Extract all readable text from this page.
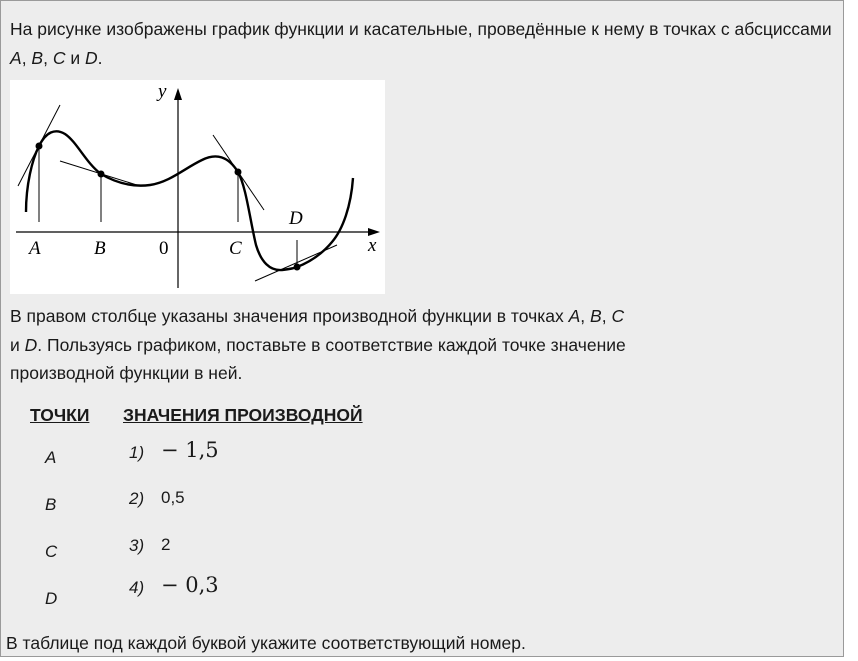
На рисунке изображены график функции и касательные, проведённые к нему в точках с абсциссами A, B, C и D.

y
x
A	B	C
D
0

В правом столбце указаны значения производной функции в точках A, B, C
и D. Пользуясь графиком, поставьте в соответствие каждой точке значение производной функции в ней.

ТОЧКИ ЗНАЧЕНИЯ ПРОИЗВОДНОЙ
A
B
C
D
1)
2)
3)
4)
− 1,5
0,5
2
− 0,3

В таблице под каждой буквой укажите соответствующий номер.
